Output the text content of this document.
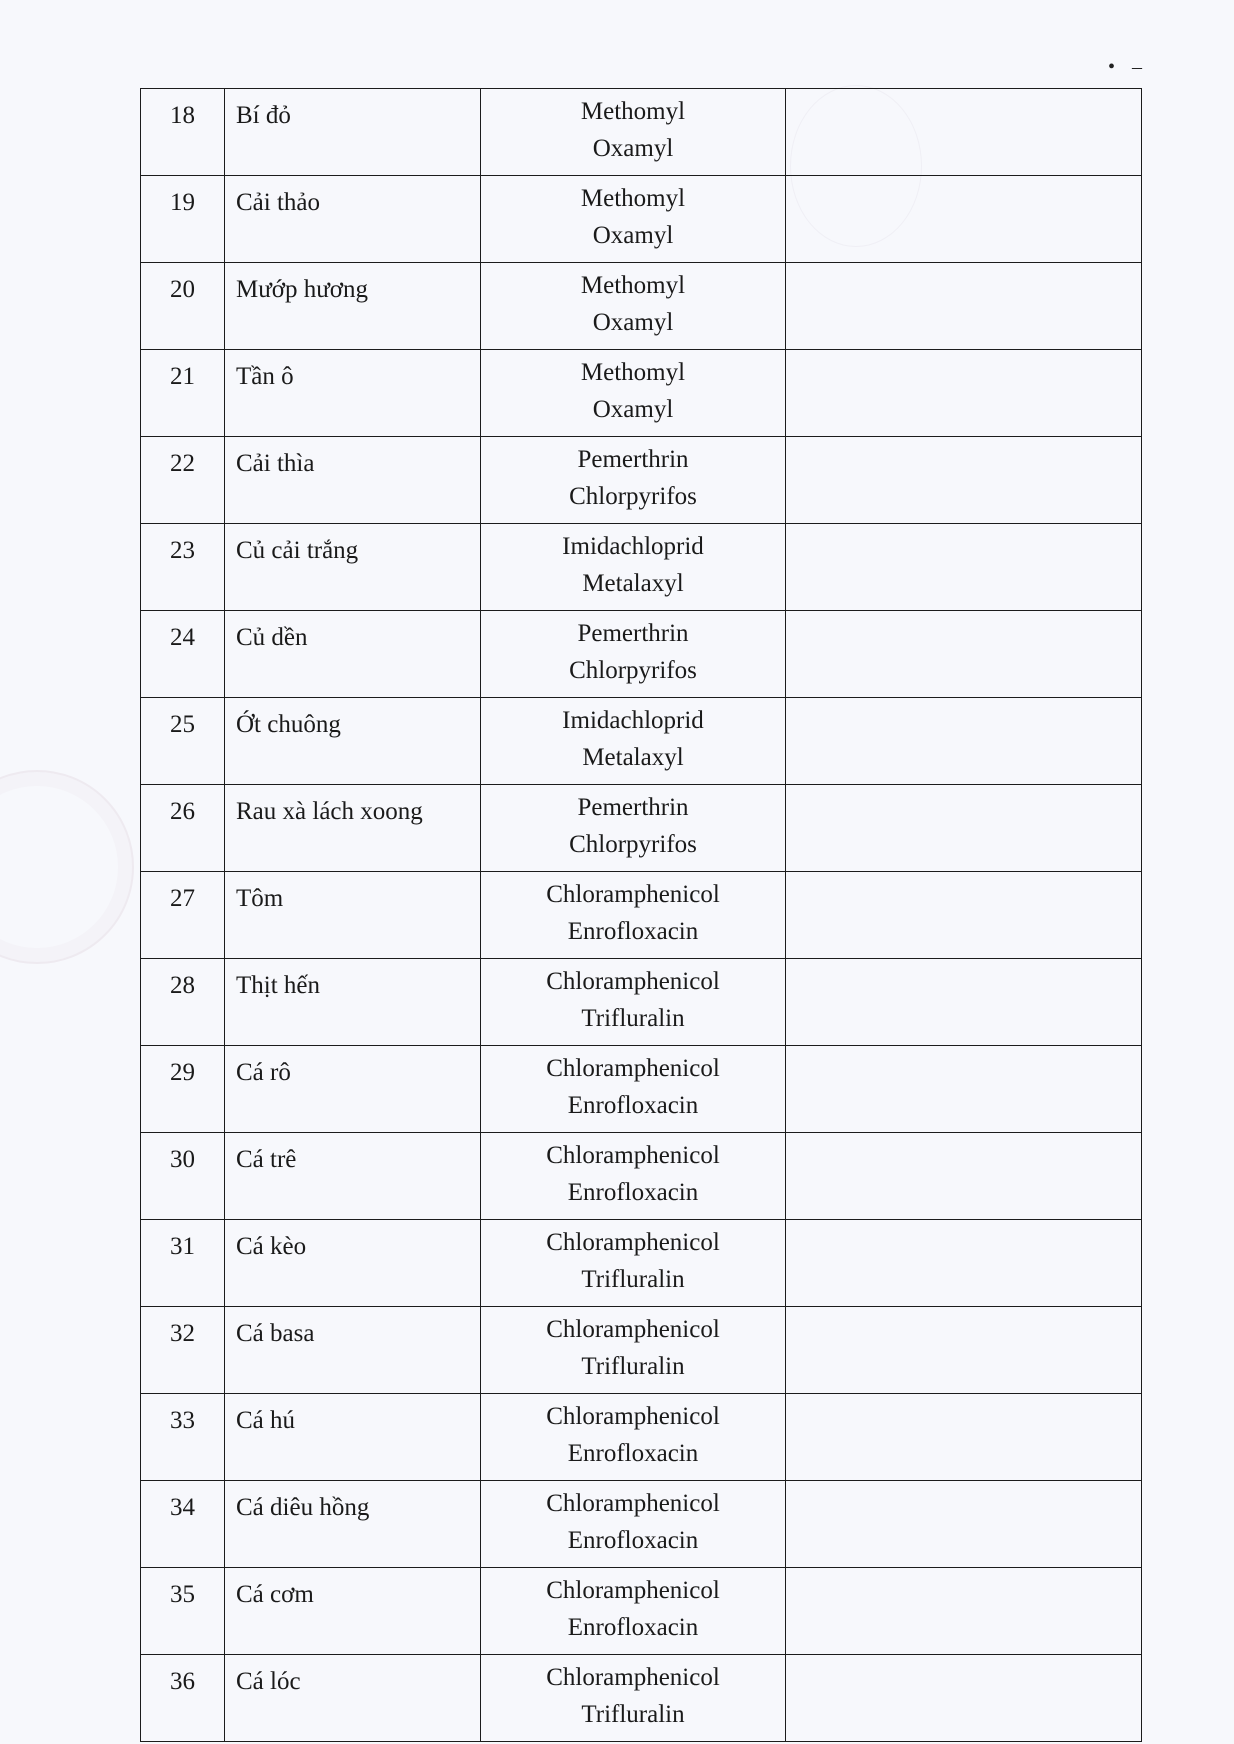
• –
18	Bí đỏ	Methomyl
Oxamyl	

19	Cải thảo	Methomyl
Oxamyl	

20	Mướp hương	Methomyl
Oxamyl	

21	Tần ô	Methomyl
Oxamyl	

22	Cải thìa	Pemerthrin
Chlorpyrifos	

23	Củ cải trắng	Imidachloprid
Metalaxyl	

24	Củ dền	Pemerthrin
Chlorpyrifos	

25	Ớt chuông	Imidachloprid
Metalaxyl	

26	Rau xà lách xoong	Pemerthrin
Chlorpyrifos	

27	Tôm	Chloramphenicol
Enrofloxacin	

28	Thịt hến	Chloramphenicol
Trifluralin	

29	Cá rô	Chloramphenicol
Enrofloxacin	

30	Cá trê	Chloramphenicol
Enrofloxacin	

31	Cá kèo	Chloramphenicol
Trifluralin	

32	Cá basa	Chloramphenicol
Trifluralin	

33	Cá hú	Chloramphenicol
Enrofloxacin	

34	Cá diêu hồng	Chloramphenicol
Enrofloxacin	

35	Cá cơm	Chloramphenicol
Enrofloxacin	

36	Cá lóc	Chloramphenicol
Trifluralin	
